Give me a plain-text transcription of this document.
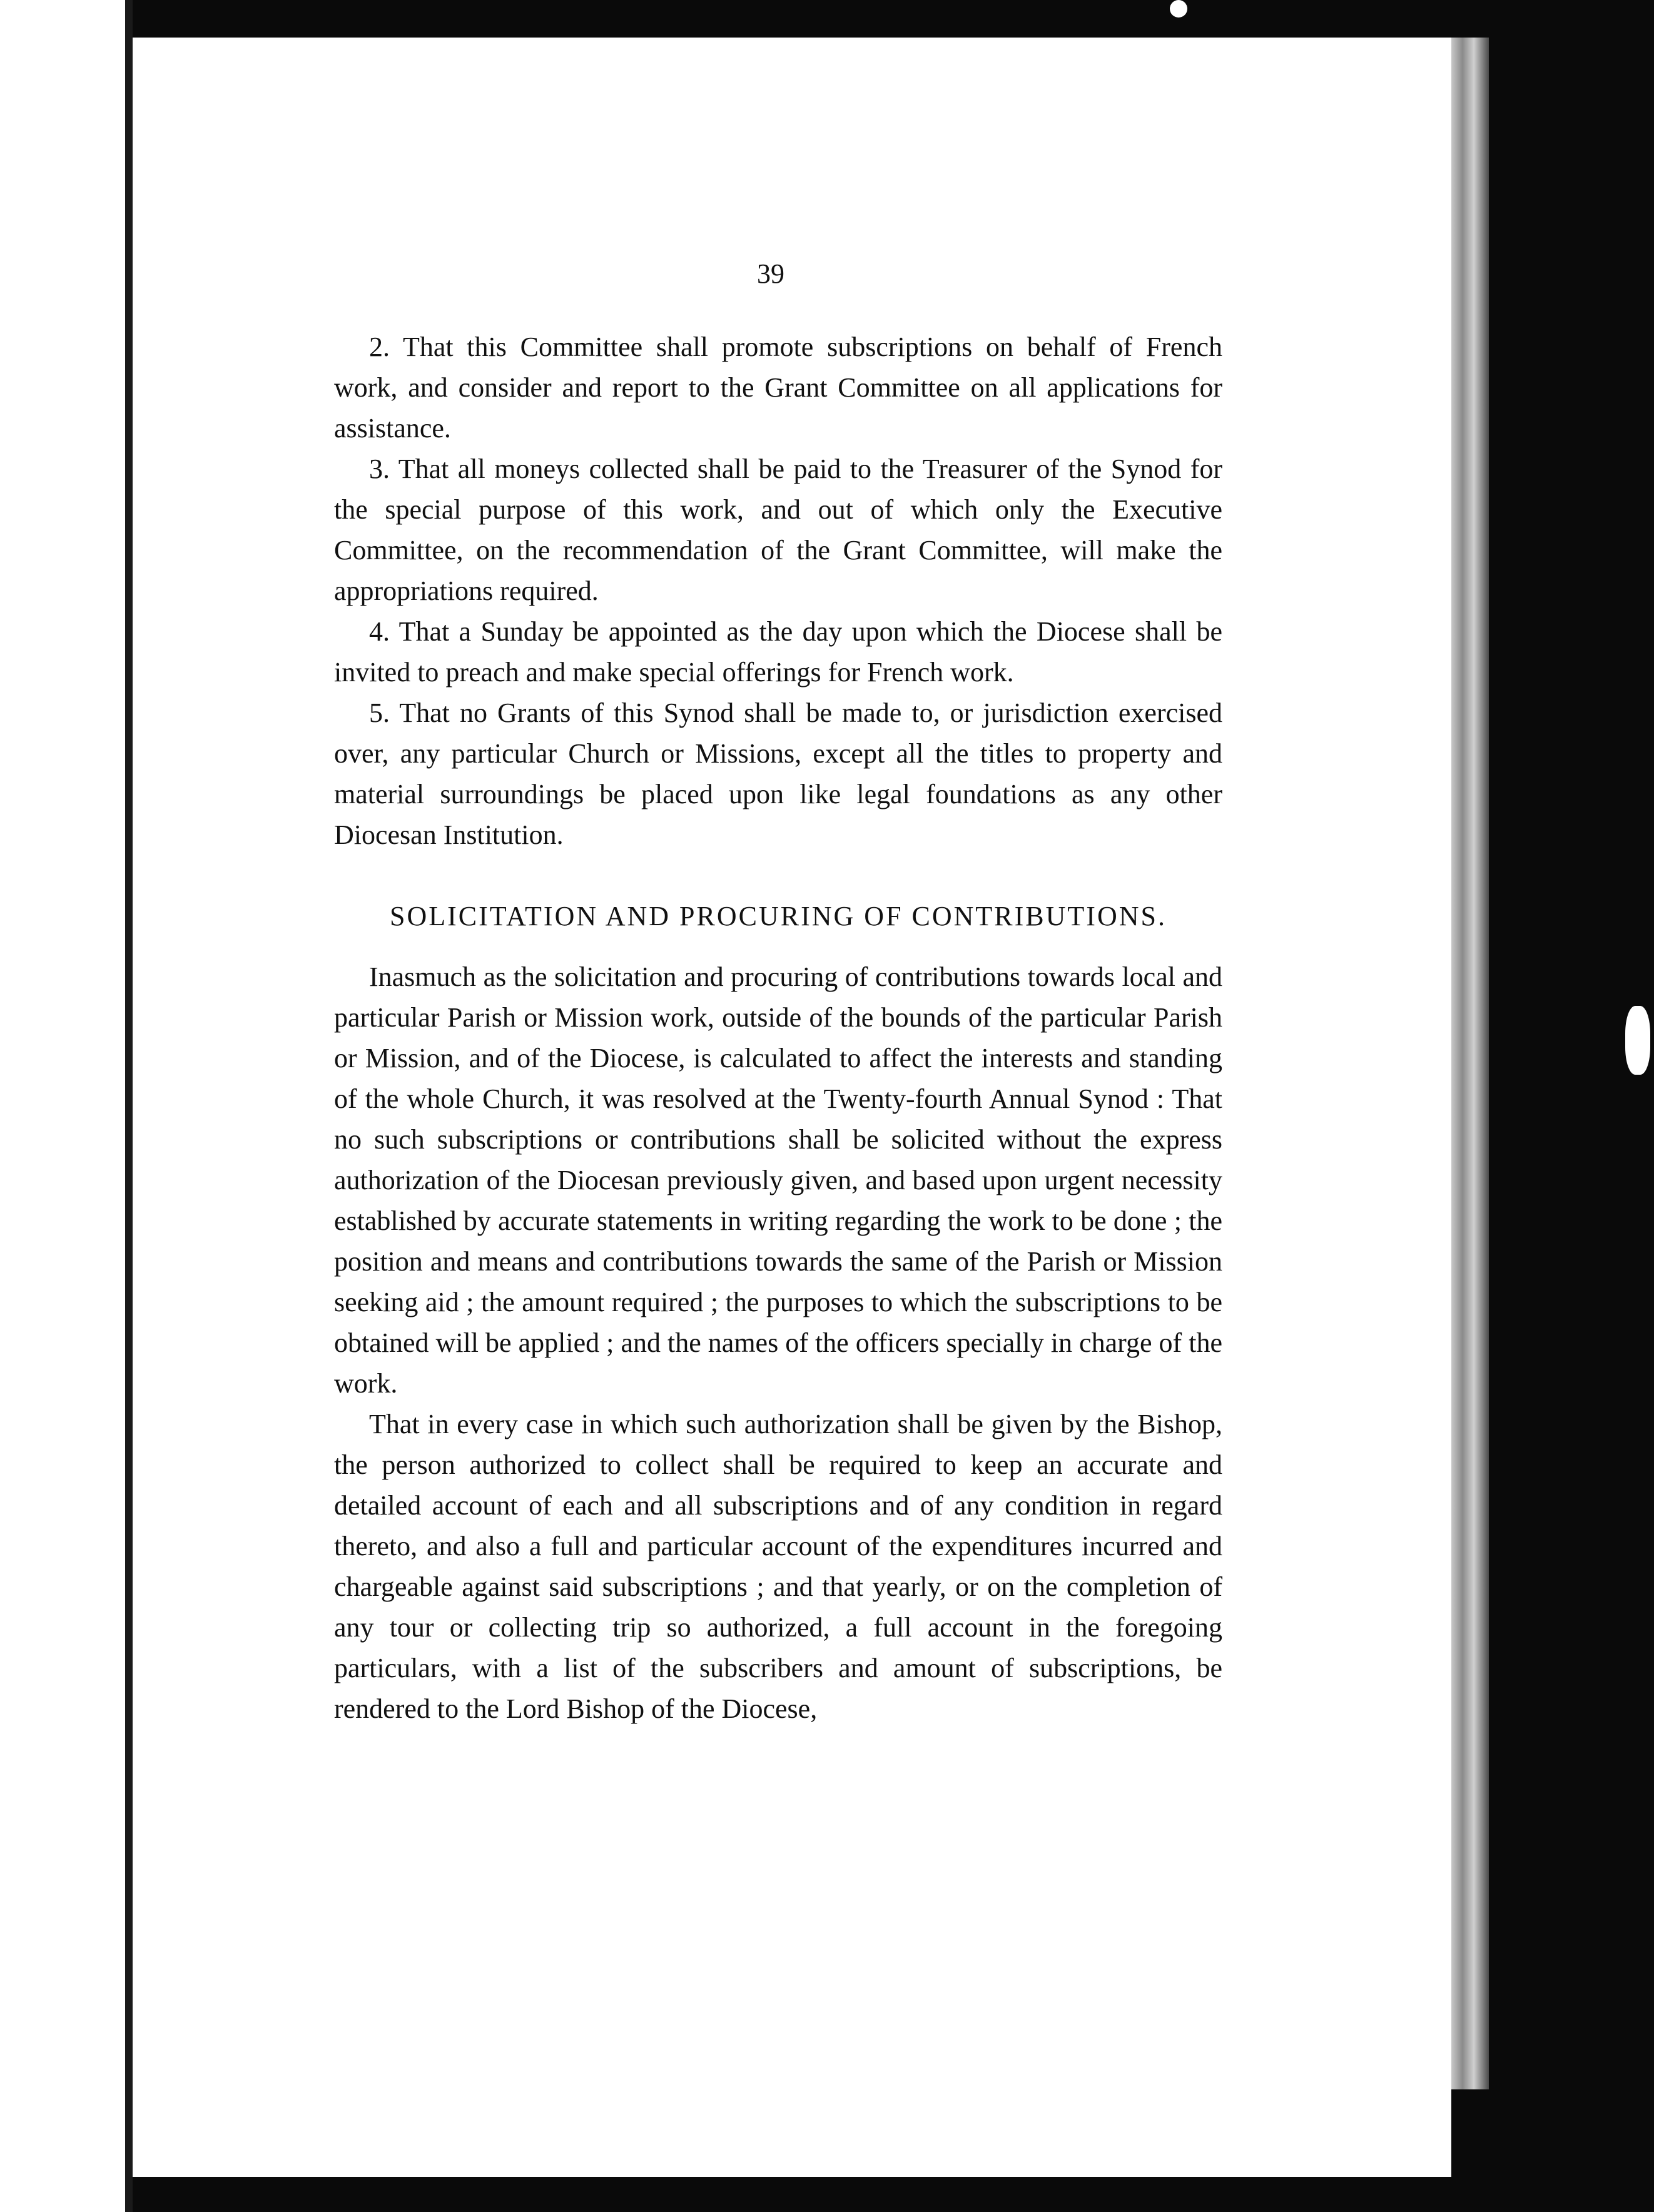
39

2. That this Committee shall promote subscriptions on behalf of French work, and consider and report to the Grant Committee on all applications for assistance.

3. That all moneys collected shall be paid to the Treasurer of the Synod for the special purpose of this work, and out of which only the Executive Committee, on the recommendation of the Grant Committee, will make the appropriations required.

4. That a Sunday be appointed as the day upon which the Diocese shall be invited to preach and make special offerings for French work.

5. That no Grants of this Synod shall be made to, or jurisdiction exercised over, any particular Church or Missions, except all the titles to property and material surroundings be placed upon like legal foundations as any other Diocesan Institution.

SOLICITATION AND PROCURING OF CONTRIBUTIONS.

Inasmuch as the solicitation and procuring of contributions towards local and particular Parish or Mission work, outside of the bounds of the particular Parish or Mission, and of the Diocese, is calculated to affect the interests and standing of the whole Church, it was resolved at the Twenty-fourth Annual Synod : That no such subscriptions or contributions shall be solicited without the express authorization of the Diocesan previously given, and based upon urgent necessity established by accurate statements in writing regarding the work to be done ; the position and means and contributions towards the same of the Parish or Mission seeking aid ; the amount required ; the purposes to which the subscriptions to be obtained will be applied ; and the names of the officers specially in charge of the work.

That in every case in which such authorization shall be given by the Bishop, the person authorized to collect shall be required to keep an accurate and detailed account of each and all subscriptions and of any condition in regard thereto, and also a full and particular account of the expenditures incurred and chargeable against said subscriptions ; and that yearly, or on the completion of any tour or collecting trip so authorized, a full account in the foregoing particulars, with a list of the subscribers and amount of subscriptions, be rendered to the Lord Bishop of the Diocese,
